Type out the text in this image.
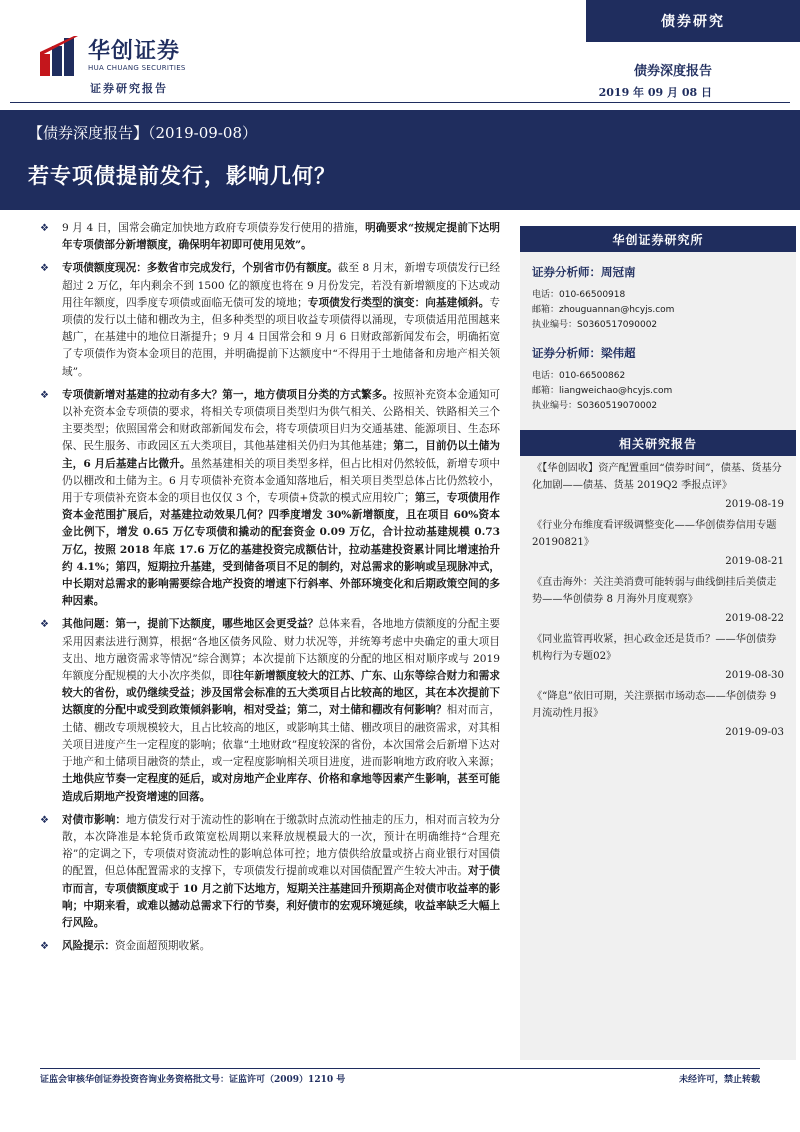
华创证券
HUA CHUANG SECURITIES
证券研究报告
债券研究
债券深度报告
2019 年 09 月 08 日
【债券深度报告】（2019-09-08）
若专项债提前发行，影响几何？
❖ 9 月 4 日，国常会确定加快地方政府专项债券发行使用的措施，明确要求“按规定提前下达明年专项债部分新增额度，确保明年初即可使用见效”。
❖ 专项债额度现况：多数省市完成发行，个别省市仍有额度。截至 8 月末，新增专项债发行已经超过 2 万亿，年内剩余不到 1500 亿的额度也将在 9 月份发完，若没有新增额度的下达或动用往年额度，四季度专项债或面临无债可发的境地；专项债发行类型的演变：向基建倾斜。专项债的发行以土储和棚改为主，但多种类型的项目收益专项债得以涌现，专项债适用范围越来越广，在基建中的地位日渐提升；9 月 4 日国常会和 9 月 6 日财政部新闻发布会，明确拓宽了专项债作为资本金项目的范围，并明确提前下达额度中“不得用于土地储备和房地产相关领域”。
❖ 专项债新增对基建的拉动有多大？第一，地方债项目分类的方式繁多。按照补充资本金通知可以补充资本金专项债的要求，将相关专项债项目类型归为供气相关、公路相关、铁路相关三个主要类型；依照国常会和财政部新闻发布会，将专项债项目归为交通基建、能源项目、生态环保、民生服务、市政园区五大类项目，其他基建相关仍归为其他基建；第二，目前仍以土储为主，6 月后基建占比微升。虽然基建相关的项目类型多样，但占比相对仍然较低，新增专项中仍以棚改和土储为主。6 月专项债补充资本金通知落地后，相关项目类型总体占比仍然较小，用于专项债补充资本金的项目也仅仅 3 个，专项债+贷款的模式应用较广；第三，专项债用作资本金范围扩展后，对基建拉动效果几何？四季度增发 30%新增额度，且在项目 60%资本金比例下，增发 0.65 万亿专项债和撬动的配套资金 0.09 万亿，合计拉动基建规模 0.73 万亿，按照 2018 年底 17.6 万亿的基建投资完成额估计，拉动基建投资累计同比增速抬升约 4.1%；第四，短期拉升基建，受到储备项目不足的制约，对总需求的影响或呈现脉冲式，中长期对总需求的影响需要综合地产投资的增速下行斜率、外部环境变化和后期政策空间的多种因素。
❖ 其他问题：第一，提前下达额度，哪些地区会更受益？总体来看，各地地方债额度的分配主要采用因素法进行测算，根据“各地区债务风险、财力状况等，并统筹考虑中央确定的重大项目支出、地方融资需求等情况”综合测算；本次提前下达额度的分配的地区相对顺序或与 2019 年额度分配规模的大小次序类似，即往年新增额度较大的江苏、广东、山东等综合财力和需求较大的省份，或仍继续受益；涉及国常会标准的五大类项目占比较高的地区，其在本次提前下达额度的分配中或受到政策倾斜影响，相对受益；第二，对土储和棚改有何影响？相对而言，土储、棚改专项规模较大，且占比较高的地区，或影响其土储、棚改项目的融资需求，对其相关项目进度产生一定程度的影响；依靠“土地财政”程度较深的省份，本次国常会后新增下达对于地产和土储项目融资的禁止，或一定程度影响相关项目进度，进而影响地方政府收入来源；土地供应节奏一定程度的延后，或对房地产企业库存、价格和拿地等因素产生影响，甚至可能造成后期地产投资增速的回落。
❖ 对债市影响：地方债发行对于流动性的影响在于缴款时点流动性抽走的压力，相对而言较为分散，本次降准是本轮货币政策宽松周期以来释放规模最大的一次，预计在明确维持“合理充裕”的定调之下，专项债对资流动性的影响总体可控；地方债供给放量或挤占商业银行对国债的配置，但总体配置需求的支撑下，专项债发行提前或难以对国债配置产生较大冲击。对于债市而言，专项债额度或于 10 月之前下达地方，短期关注基建回升预期高企对债市收益率的影响；中期来看，或难以撼动总需求下行的节奏，利好债市的宏观环境延续，收益率缺乏大幅上行风险。
❖ 风险提示：资金面超预期收紧。
华创证券研究所
证券分析师：周冠南
电话：010-66500918
邮箱：zhouguannan@hcyjs.com
执业编号：S0360517090002
证券分析师：梁伟超
电话：010-66500862
邮箱：liangweichao@hcyjs.com
执业编号：S0360519070002
相关研究报告
《【华创固收】资产配置重回“债券时间”，债基、货基分化加剧——债基、货基 2019Q2 季报点评》
2019-08-19
《行业分布维度看评级调整变化——华创债券信用专题 20190821》
2019-08-21
《直击海外：关注美消费可能转弱与曲线倒挂后美债走势——华创债券 8 月海外月度观察》
2019-08-22
《同业监管再收紧，担心政金还是货币？——华创债券机构行为专题02》
2019-08-30
《“降息”依旧可期，关注票据市场动态——华创债券 9 月流动性月报》
2019-09-03
证监会审核华创证券投资咨询业务资格批文号：证监许可（2009）1210 号	未经许可，禁止转载
